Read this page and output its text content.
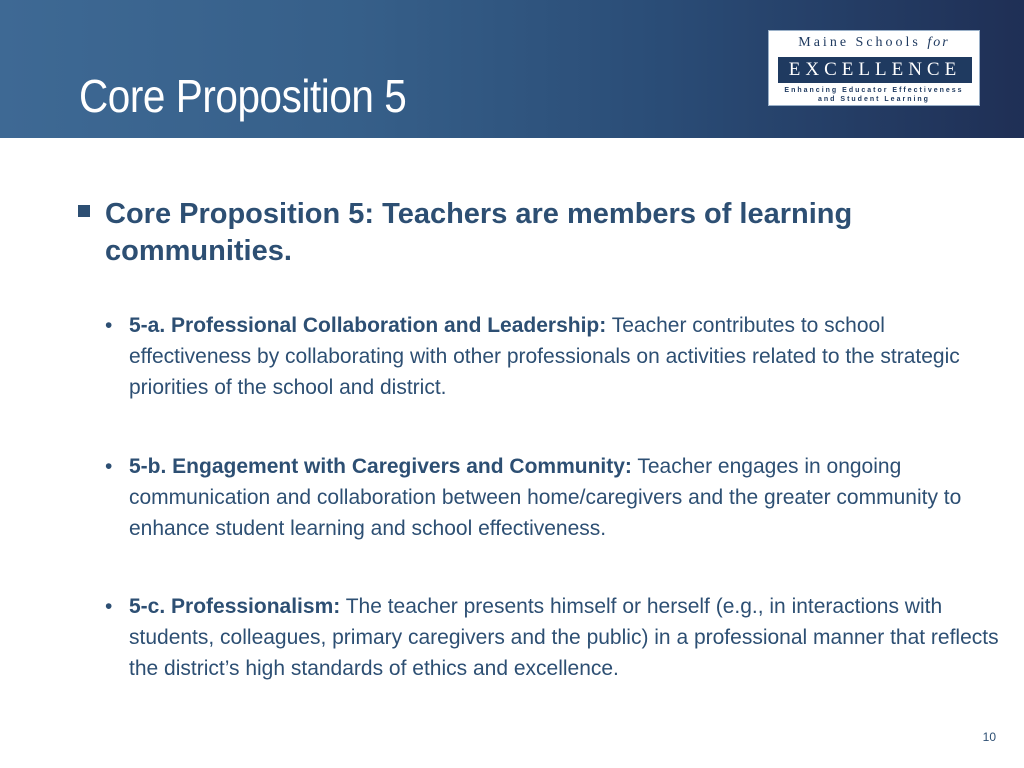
Core Proposition 5
Maine Schools for
EXCELLENCE
Enhancing Educator Effectiveness
and Student Learning
Core Proposition 5: Teachers are members of learning communities.
• 5-a. Professional Collaboration and Leadership: Teacher contributes to school effectiveness by collaborating with other professionals on activities related to the strategic priorities of the school and district.
• 5-b. Engagement with Caregivers and Community: Teacher engages in ongoing communication and collaboration between home/caregivers and the greater community to enhance student learning and school effectiveness.
• 5-c. Professionalism: The teacher presents himself or herself (e.g., in interactions with students, colleagues, primary caregivers and the public) in a professional manner that reflects the district’s high standards of ethics and excellence.
10
